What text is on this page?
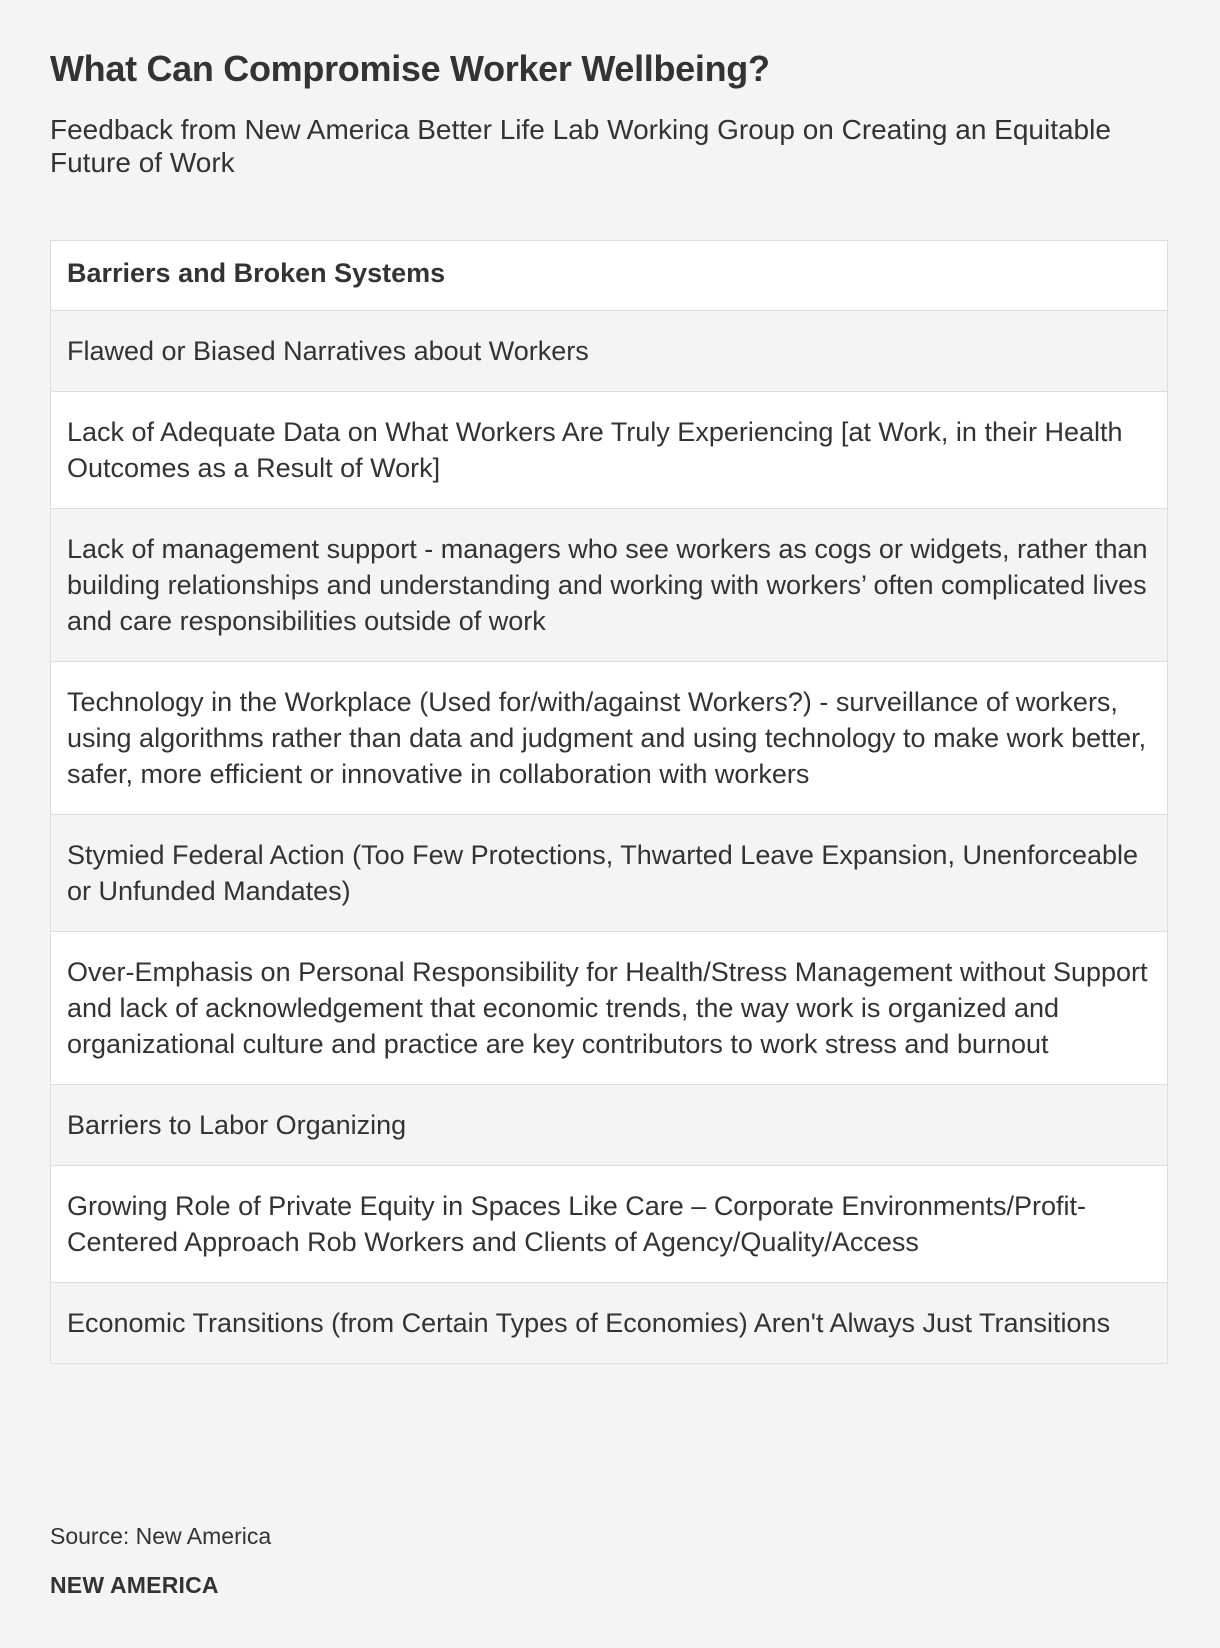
What Can Compromise Worker Wellbeing?

Feedback from New America Better Life Lab Working Group on Creating an Equitable Future of Work

Barriers and Broken Systems
Flawed or Biased Narratives about Workers
Lack of Adequate Data on What Workers Are Truly Experiencing [at Work, in their Health Outcomes as a Result of Work]
Lack of management support - managers who see workers as cogs or widgets, rather than building relationships and understanding and working with workers’ often complicated lives and care responsibilities outside of work
Technology in the Workplace (Used for/with/against Workers?) - surveillance of workers, using algorithms rather than data and judgment and using technology to make work better, safer, more efficient or innovative in collaboration with workers
Stymied Federal Action (Too Few Protections, Thwarted Leave Expansion, Unenforceable or Unfunded Mandates)
Over-Emphasis on Personal Responsibility for Health/Stress Management without Support and lack of acknowledgement that economic trends, the way work is organized and organizational culture and practice are key contributors to work stress and burnout
Barriers to Labor Organizing
Growing Role of Private Equity in Spaces Like Care – Corporate Environments/Profit-Centered Approach Rob Workers and Clients of Agency/Quality/Access
Economic Transitions (from Certain Types of Economies) Aren't Always Just Transitions

Source: New America

NEW AMERICA
